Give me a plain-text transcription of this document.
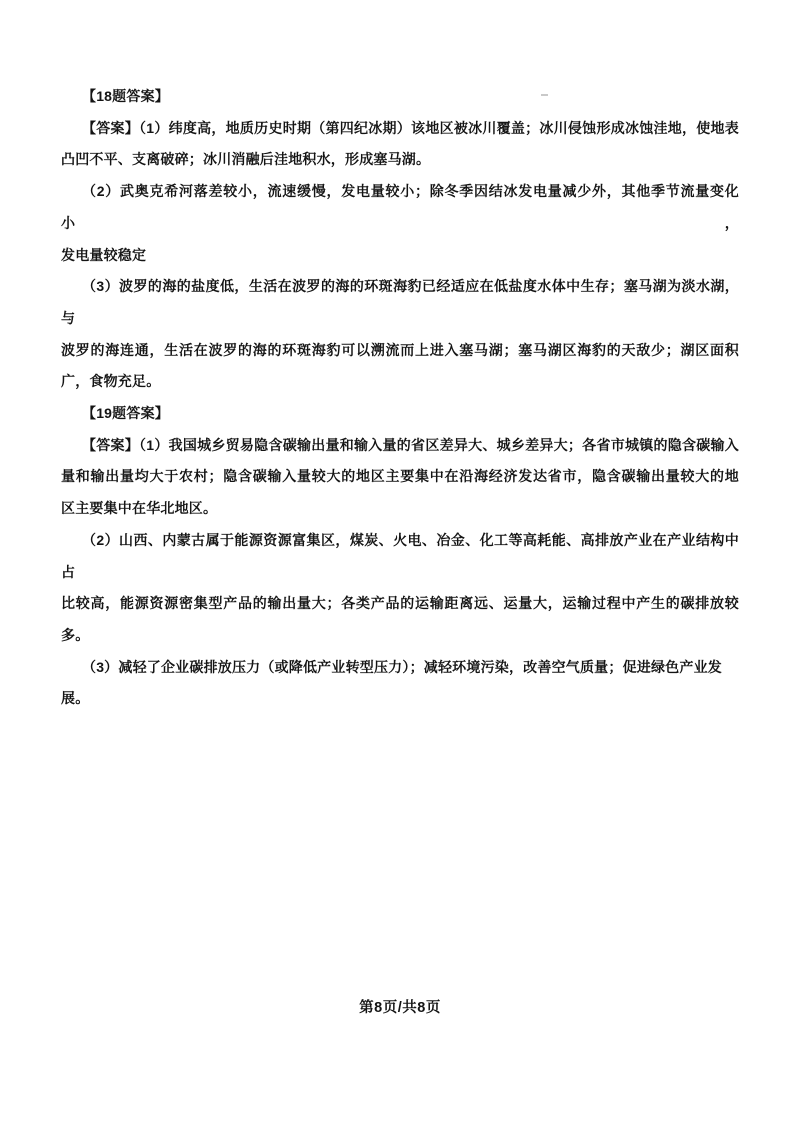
【18题答案】
【答案】（1）纬度高，地质历史时期（第四纪冰期）该地区被冰川覆盖；冰川侵蚀形成冰蚀洼地，使地表
凸凹不平、支离破碎；冰川消融后洼地积水，形成塞马湖。
（2）武奥克希河落差较小，流速缓慢，发电量较小；除冬季因结冰发电量减少外，其他季节流量变化小，
发电量较稳定
（3）波罗的海的盐度低，生活在波罗的海的环斑海豹已经适应在低盐度水体中生存；塞马湖为淡水湖，与
波罗的海连通，生活在波罗的海的环斑海豹可以溯流而上进入塞马湖；塞马湖区海豹的天敌少；湖区面积
广，食物充足。
【19题答案】
【答案】（1）我国城乡贸易隐含碳输出量和输入量的省区差异大、城乡差异大；各省市城镇的隐含碳输入
量和输出量均大于农村；隐含碳输入量较大的地区主要集中在沿海经济发达省市，隐含碳输出量较大的地
区主要集中在华北地区。
（2）山西、内蒙古属于能源资源富集区，煤炭、火电、冶金、化工等高耗能、高排放产业在产业结构中占
比较高，能源资源密集型产品的输出量大；各类产品的运输距离远、运量大，运输过程中产生的碳排放较
多。
（3）减轻了企业碳排放压力（或降低产业转型压力）；减轻环境污染，改善空气质量；促进绿色产业发展。
第8页/共8页
